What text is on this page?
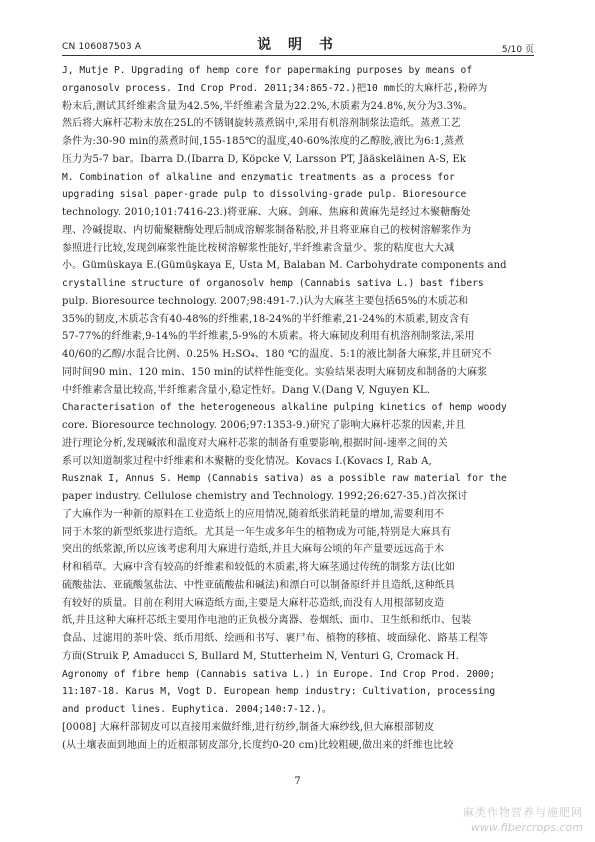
CN 106087503 A	说 明 书	5/10 页
J, Mutje P. Upgrading of hemp core for papermaking purposes by means of
organosolv process. Ind Crop Prod. 2011;34:865-72.)把10 mm长的大麻杆芯,粉碎为
粉末后,测试其纤维素含量为42.5%,半纤维素含量为22.2%,木质素为24.8%,灰分为3.3%。
然后将大麻杆芯粉末放在25L的不锈钢旋转蒸煮锅中,采用有机溶剂制浆法造纸。蒸煮工艺
条件为:30-90 min的蒸煮时间,155-185℃的温度,40-60%浓度的乙醇胺,液比为6:1,蒸煮
压力为5-7 bar。Ibarra D.(Ibarra D, Köpcke V, Larsson PT, Jääskeläinen A-S, Ek
M. Combination of alkaline and enzymatic treatments as a process for
upgrading sisal paper-grade pulp to dissolving-grade pulp. Bioresource
technology. 2010;101:7416-23.)将亚麻、大麻、剑麻、焦麻和黄麻先是经过木聚糖酶处
理、冷碱提取、内切葡聚糖酶处理后制成溶解浆制备粘胶,并且将亚麻自己的桉树溶解浆作为
参照进行比较,发现剑麻浆性能比桉树溶解浆性能好,半纤维素含量少、浆的粘度也大大减
小。Gümüskaya E.(Gümüşkaya E, Usta M, Balaban M. Carbohydrate components and
crystalline structure of organosolv hemp (Cannabis sativa L.) bast fibers
pulp. Bioresource technology. 2007;98:491-7.)认为大麻茎主要包括65%的木质芯和
35%的韧皮,木质芯含有40-48%的纤维素,18-24%的半纤维素,21-24%的木质素,韧皮含有
57-77%的纤维素,9-14%的半纤维素,5-9%的木质素。将大麻韧皮利用有机溶剂制浆法,采用
40/60的乙醇/水混合比例、0.25% H₂SO₄、180 ℃的温度、5:1的液比制备大麻浆,并且研究不
同时间90 min、120 min、150 min的试样性能变化。实验结果表明大麻韧皮和制备的大麻浆
中纤维素含量比较高,半纤维素含量小,稳定性好。Dang V.(Dang V, Nguyen KL.
Characterisation of the heterogeneous alkaline pulping kinetics of hemp woody
core. Bioresource technology. 2006;97:1353-9.)研究了影响大麻杆芯浆的因素,并且
进行理论分析,发现碱浓和温度对大麻杆芯浆的制备有重要影响,根据时间-速率之间的关
系可以知道制浆过程中纤维素和木聚糖的变化情况。Kovacs I.(Kovacs I, Rab A,
Rusznak I, Annus S. Hemp (Cannabis sativa) as a possible raw material for the
paper industry. Cellulose chemistry and Technology. 1992;26:627-35.)首次探讨
了大麻作为一种新的原料在工业造纸上的应用情况,随着纸张消耗量的增加,需要利用不
同于木浆的新型纸浆进行造纸。尤其是一年生或多年生的植物成为可能,特别是大麻具有
突出的纸浆源,所以应该考虑利用大麻进行造纸,并且大麻每公顷的年产量要远远高于木
材和稻草。大麻中含有较高的纤维素和较低的木质素,将大麻茎通过传统的制浆方法(比如
硫酸盐法、亚硫酸氢盐法、中性亚硫酸盐和碱法)和漂白可以制备原纤并且造纸,这种纸具
有较好的质量。目前在利用大麻造纸方面,主要是大麻杆芯造纸,而没有人用根部韧皮造
纸,并且这种大麻杆芯纸主要用作电池的正负极分离器、卷烟纸、面巾、卫生纸和纸巾、包装
食品、过滤用的茶叶袋、纸币用纸、绘画和书写、裹尸布、植物的移植、坡面绿化、路基工程等
方面(Struik P, Amaducci S, Bullard M, Stutterheim N, Venturi G, Cromack H.
Agronomy of fibre hemp (Cannabis sativa L.) in Europe. Ind Crop Prod. 2000;
11:107-18. Karus M, Vogt D. European hemp industry: Cultivation, processing
and product lines. Euphytica. 2004;140:7-12.)。
[0008] 大麻杆部韧皮可以直接用来做纤维,进行纺纱,制备大麻纱线,但大麻根部韧皮
(从土壤表面到地面上的近根部韧皮部分,长度约0-20 cm)比较粗硬,做出来的纤维也比较
7
麻类作物营养与施肥网
www.fibercrops.com
